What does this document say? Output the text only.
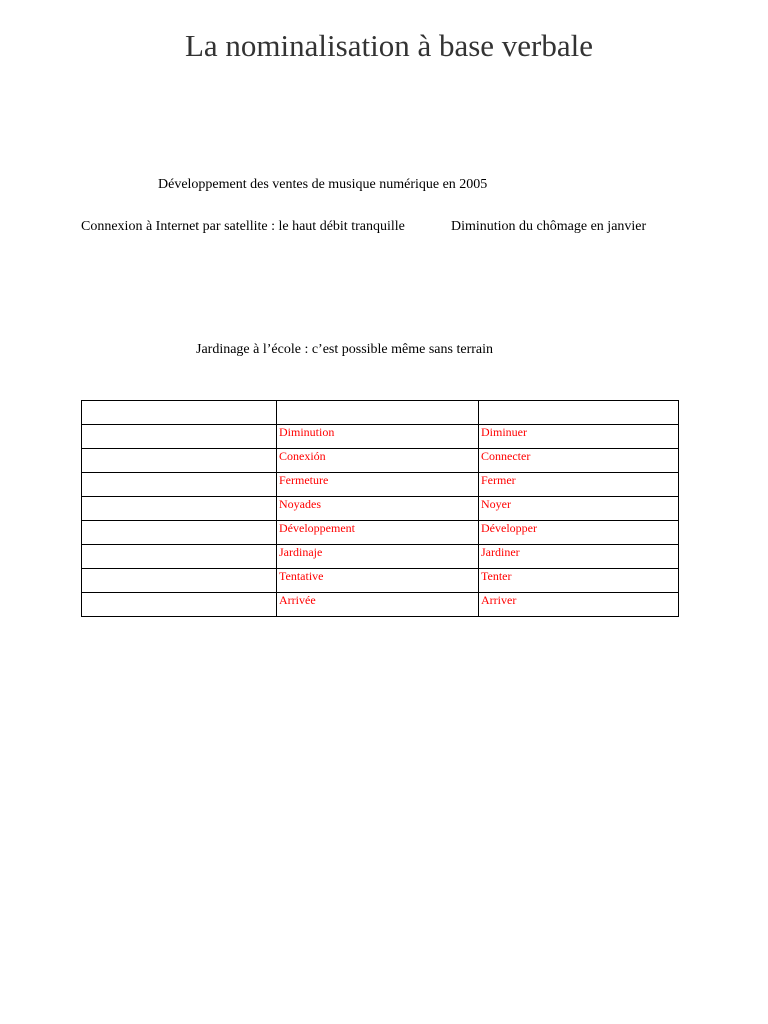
La nominalisation à base verbale
Développement des ventes de musique numérique en 2005
Connexion à Internet par satellite : le haut débit tranquille	Diminution du chômage en janvier
Jardinage à l’école : c’est possible même sans terrain

	Diminution	Diminuer
	Conexión	Connecter
	Fermeture	Fermer
	Noyades	Noyer
	Développement	Développer
	Jardinaje	Jardiner
	Tentative	Tenter
	Arrivée	Arriver
